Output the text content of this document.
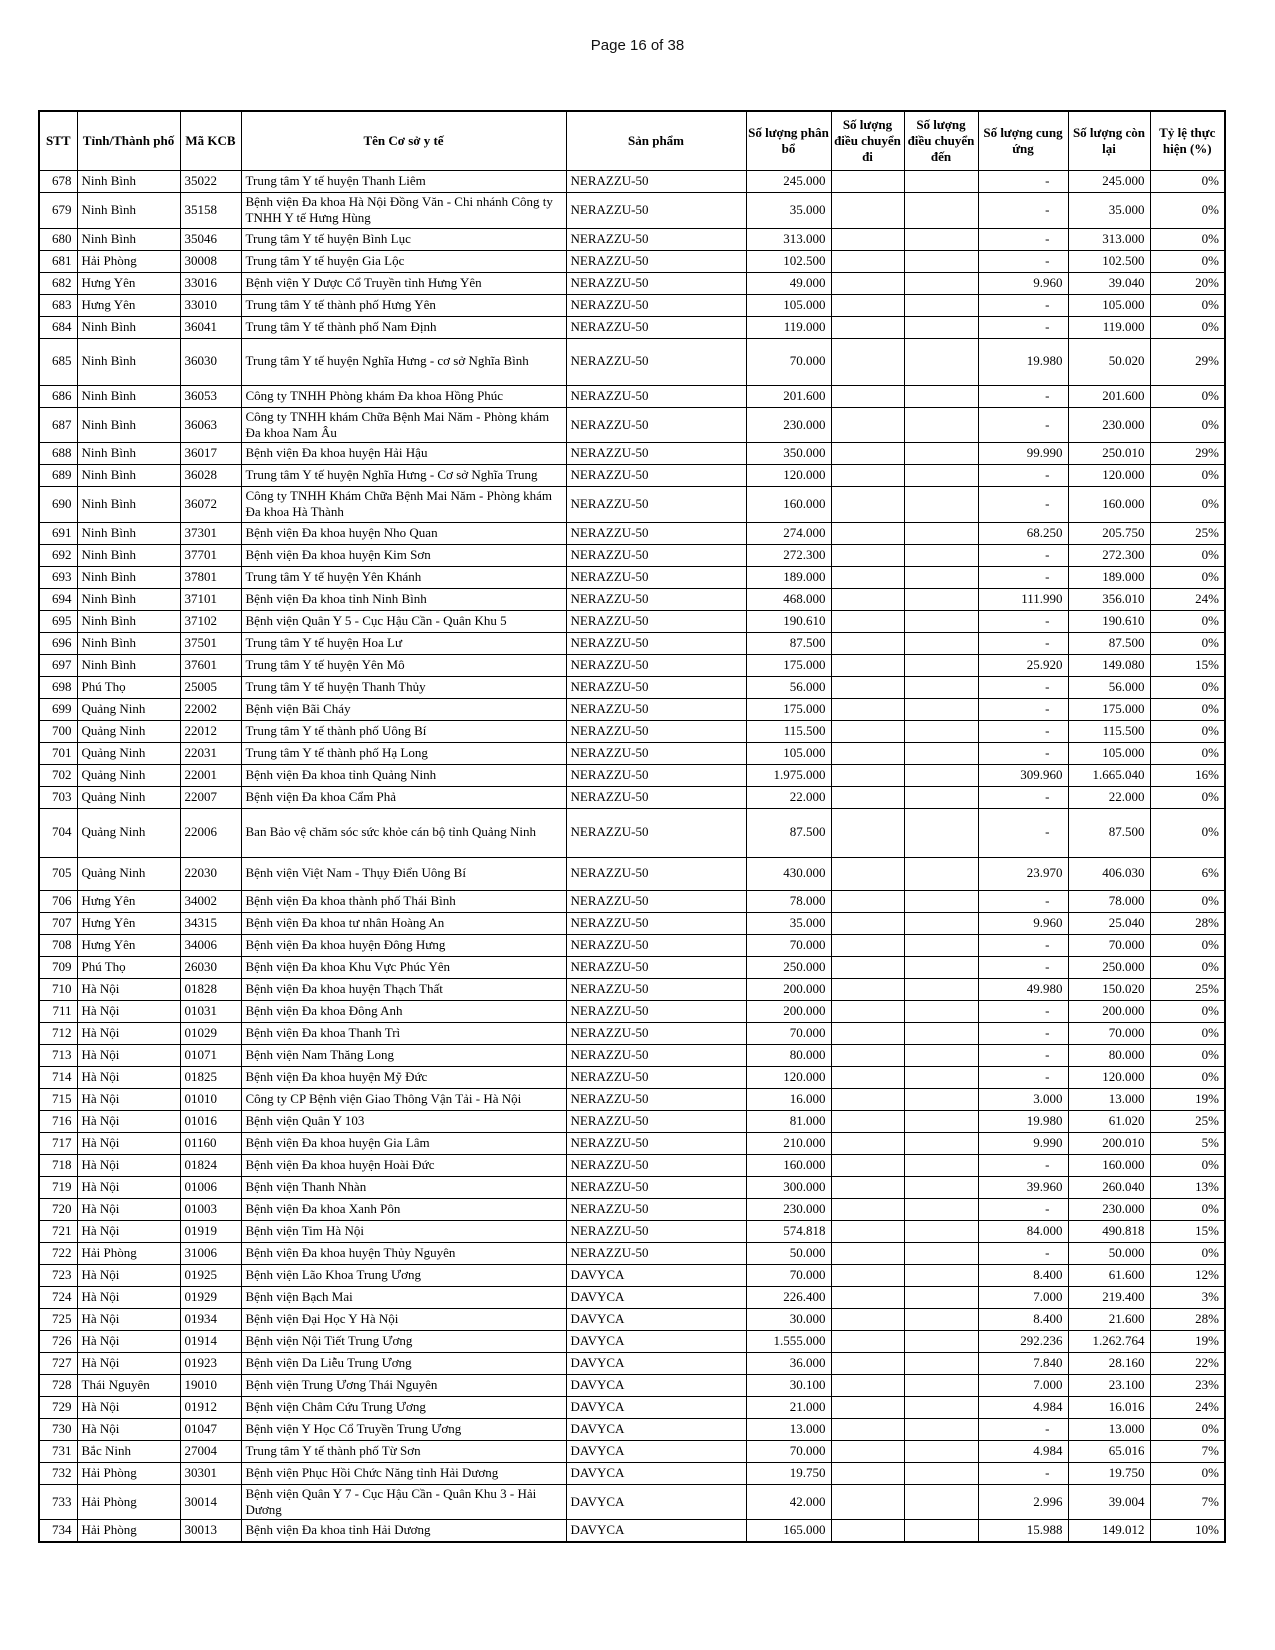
Page 16 of 38
STT	Tỉnh/Thành phố	Mã KCB	Tên Cơ sở y tế	Sản phẩm	Số lượng phân bổ	Số lượng điều chuyển đi	Số lượng điều chuyển đến	Số lượng cung ứng	Số lượng còn lại	Tỷ lệ thực hiện (%)
678	Ninh Bình	35022	Trung tâm Y tế huyện Thanh Liêm	NERAZZU-50	245.000			-	245.000	0%
679	Ninh Bình	35158	Bệnh viện Đa khoa Hà Nội Đồng Văn - Chi nhánh Công ty TNHH Y tế Hưng Hùng	NERAZZU-50	35.000			-	35.000	0%
680	Ninh Bình	35046	Trung tâm Y tế huyện Bình Lục	NERAZZU-50	313.000			-	313.000	0%
681	Hải Phòng	30008	Trung tâm Y tế huyện Gia Lộc	NERAZZU-50	102.500			-	102.500	0%
682	Hưng Yên	33016	Bệnh viện Y Dược Cổ Truyền tỉnh Hưng Yên	NERAZZU-50	49.000			9.960	39.040	20%
683	Hưng Yên	33010	Trung tâm Y tế thành phố Hưng Yên	NERAZZU-50	105.000			-	105.000	0%
684	Ninh Bình	36041	Trung tâm Y tế thành phố Nam Định	NERAZZU-50	119.000			-	119.000	0%
685	Ninh Bình	36030	Trung tâm Y tế huyện Nghĩa Hưng - cơ sở Nghĩa Bình	NERAZZU-50	70.000			19.980	50.020	29%
686	Ninh Bình	36053	Công ty TNHH Phòng khám Đa khoa Hồng Phúc	NERAZZU-50	201.600			-	201.600	0%
687	Ninh Bình	36063	Công ty TNHH khám Chữa Bệnh Mai Năm - Phòng khám Đa khoa Nam Âu	NERAZZU-50	230.000			-	230.000	0%
688	Ninh Bình	36017	Bệnh viện Đa khoa huyện Hải Hậu	NERAZZU-50	350.000			99.990	250.010	29%
689	Ninh Bình	36028	Trung tâm Y tế huyện Nghĩa Hưng - Cơ sở Nghĩa Trung	NERAZZU-50	120.000			-	120.000	0%
690	Ninh Bình	36072	Công ty TNHH Khám Chữa Bệnh Mai Năm - Phòng khám Đa khoa Hà Thành	NERAZZU-50	160.000			-	160.000	0%
691	Ninh Bình	37301	Bệnh viện Đa khoa huyện Nho Quan	NERAZZU-50	274.000			68.250	205.750	25%
692	Ninh Bình	37701	Bệnh viện Đa khoa huyện Kim Sơn	NERAZZU-50	272.300			-	272.300	0%
693	Ninh Bình	37801	Trung tâm Y tế huyện Yên Khánh	NERAZZU-50	189.000			-	189.000	0%
694	Ninh Bình	37101	Bệnh viện Đa khoa tỉnh Ninh Bình	NERAZZU-50	468.000			111.990	356.010	24%
695	Ninh Bình	37102	Bệnh viện Quân Y 5 - Cục Hậu Cần - Quân Khu 5	NERAZZU-50	190.610			-	190.610	0%
696	Ninh Bình	37501	Trung tâm Y tế huyện Hoa Lư	NERAZZU-50	87.500			-	87.500	0%
697	Ninh Bình	37601	Trung tâm Y tế huyện Yên Mô	NERAZZU-50	175.000			25.920	149.080	15%
698	Phú Thọ	25005	Trung tâm Y tế huyện Thanh Thủy	NERAZZU-50	56.000			-	56.000	0%
699	Quảng Ninh	22002	Bệnh viện Bãi Cháy	NERAZZU-50	175.000			-	175.000	0%
700	Quảng Ninh	22012	Trung tâm Y tế thành phố Uông Bí	NERAZZU-50	115.500			-	115.500	0%
701	Quảng Ninh	22031	Trung tâm Y tế thành phố Hạ Long	NERAZZU-50	105.000			-	105.000	0%
702	Quảng Ninh	22001	Bệnh viện Đa khoa tỉnh Quảng Ninh	NERAZZU-50	1.975.000			309.960	1.665.040	16%
703	Quảng Ninh	22007	Bệnh viện Đa khoa Cẩm Phả	NERAZZU-50	22.000			-	22.000	0%
704	Quảng Ninh	22006	Ban Bảo vệ chăm sóc sức khỏe cán bộ tỉnh Quảng Ninh	NERAZZU-50	87.500			-	87.500	0%
705	Quảng Ninh	22030	Bệnh viện Việt Nam - Thụy Điển Uông Bí	NERAZZU-50	430.000			23.970	406.030	6%
706	Hưng Yên	34002	Bệnh viện Đa khoa thành phố Thái Bình	NERAZZU-50	78.000			-	78.000	0%
707	Hưng Yên	34315	Bệnh viện Đa khoa tư nhân Hoàng An	NERAZZU-50	35.000			9.960	25.040	28%
708	Hưng Yên	34006	Bệnh viện Đa khoa huyện Đông Hưng	NERAZZU-50	70.000			-	70.000	0%
709	Phú Thọ	26030	Bệnh viện Đa khoa Khu Vực Phúc Yên	NERAZZU-50	250.000			-	250.000	0%
710	Hà Nội	01828	Bệnh viện Đa khoa huyện Thạch Thất	NERAZZU-50	200.000			49.980	150.020	25%
711	Hà Nội	01031	Bệnh viện Đa khoa Đông Anh	NERAZZU-50	200.000			-	200.000	0%
712	Hà Nội	01029	Bệnh viện Đa khoa Thanh Trì	NERAZZU-50	70.000			-	70.000	0%
713	Hà Nội	01071	Bệnh viện Nam Thăng Long	NERAZZU-50	80.000			-	80.000	0%
714	Hà Nội	01825	Bệnh viện Đa khoa huyện Mỹ Đức	NERAZZU-50	120.000			-	120.000	0%
715	Hà Nội	01010	Công ty CP Bệnh viện Giao Thông Vận Tải - Hà Nội	NERAZZU-50	16.000			3.000	13.000	19%
716	Hà Nội	01016	Bệnh viện Quân Y 103	NERAZZU-50	81.000			19.980	61.020	25%
717	Hà Nội	01160	Bệnh viện Đa khoa huyện Gia Lâm	NERAZZU-50	210.000			9.990	200.010	5%
718	Hà Nội	01824	Bệnh viện Đa khoa huyện Hoài Đức	NERAZZU-50	160.000			-	160.000	0%
719	Hà Nội	01006	Bệnh viện Thanh Nhàn	NERAZZU-50	300.000			39.960	260.040	13%
720	Hà Nội	01003	Bệnh viện Đa khoa Xanh Pôn	NERAZZU-50	230.000			-	230.000	0%
721	Hà Nội	01919	Bệnh viện Tim Hà Nội	NERAZZU-50	574.818			84.000	490.818	15%
722	Hải Phòng	31006	Bệnh viện Đa khoa huyện Thủy Nguyên	NERAZZU-50	50.000			-	50.000	0%
723	Hà Nội	01925	Bệnh viện Lão Khoa Trung Ương	DAVYCA	70.000			8.400	61.600	12%
724	Hà Nội	01929	Bệnh viện Bạch Mai	DAVYCA	226.400			7.000	219.400	3%
725	Hà Nội	01934	Bệnh viện Đại Học Y Hà Nội	DAVYCA	30.000			8.400	21.600	28%
726	Hà Nội	01914	Bệnh viện Nội Tiết Trung Ương	DAVYCA	1.555.000			292.236	1.262.764	19%
727	Hà Nội	01923	Bệnh viện Da Liễu Trung Ương	DAVYCA	36.000			7.840	28.160	22%
728	Thái Nguyên	19010	Bệnh viện Trung Ương Thái Nguyên	DAVYCA	30.100			7.000	23.100	23%
729	Hà Nội	01912	Bệnh viện Châm Cứu Trung Ương	DAVYCA	21.000			4.984	16.016	24%
730	Hà Nội	01047	Bệnh viện Y Học Cổ Truyền Trung Ương	DAVYCA	13.000			-	13.000	0%
731	Bắc Ninh	27004	Trung tâm Y tế thành phố Từ Sơn	DAVYCA	70.000			4.984	65.016	7%
732	Hải Phòng	30301	Bệnh viện Phục Hồi Chức Năng tỉnh Hải Dương	DAVYCA	19.750			-	19.750	0%
733	Hải Phòng	30014	Bệnh viện Quân Y 7 - Cục Hậu Cần - Quân Khu 3 - Hải Dương	DAVYCA	42.000			2.996	39.004	7%
734	Hải Phòng	30013	Bệnh viện Đa khoa tỉnh Hải Dương	DAVYCA	165.000			15.988	149.012	10%
